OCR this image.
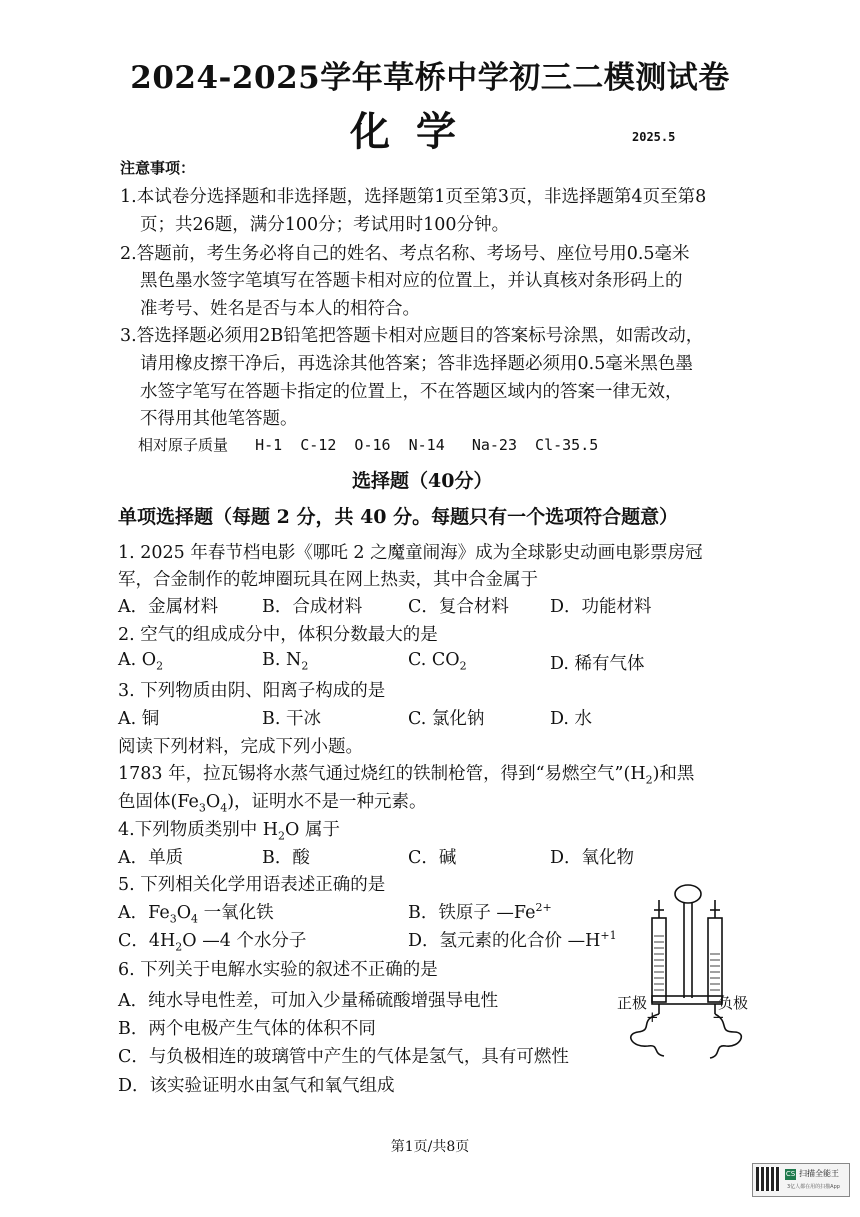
2024-2025学年草桥中学初三二模测试卷
化学	2025.5
注意事项：
1.本试卷分选择题和非选择题，选择题第1页至第3页，非选择题第4页至第8
页；共26题，满分100分；考试用时100分钟。
2.答题前，考生务必将自己的姓名、考点名称、考场号、座位号用0.5毫米
黑色墨水签字笔填写在答题卡相对应的位置上，并认真核对条形码上的
准考号、姓名是否与本人的相符合。
3.答选择题必须用2B铅笔把答题卡相对应题目的答案标号涂黑，如需改动，
请用橡皮擦干净后，再选涂其他答案；答非选择题必须用0.5毫米黑色墨
水签字笔写在答题卡指定的位置上，不在答题区域内的答案一律无效，
不得用其他笔答题。
相对原子质量   H-1  C-12  O-16  N-14   Na-23  Cl-35.5
选择题（40分）
单项选择题（每题 2 分，共 40 分。每题只有一个选项符合题意）
1. 2025 年春节档电影《哪吒 2 之魔童闹海》成为全球影史动画电影票房冠
军，合金制作的乾坤圈玩具在网上热卖，其中合金属于
A．金属材料	B．合成材料	C．复合材料 D．功能材料
2. 空气的组成成分中，体积分数最大的是
A. $O_2$	B. $N_2$	C. $CO_2$	D. 稀有气体
3. 下列物质由阴、阳离子构成的是
A. 铜	B. 干冰	C. 氯化钠	D. 水
阅读下列材料，完成下列小题。
1783 年，拉瓦锡将水蒸气通过烧红的铁制枪管，得到“易燃空气$”(H_2)$和黑
色固体$(Fe_3O_4)$，证明水不是一种元素。
4.下列物质类别中 $H_2O$ 属于
A．单质	B．酸	C．碱	D．氧化物
5. 下列相关化学用语表述正确的是
A．$Fe_3O_4$ 一氧化铁	B．铁原子 $—Fe^{2+}$
C．$4H_2O$ —4 个水分子	D．氢元素的化合价 $—H^{+1}$
6. 下列关于电解水实验的叙述不正确的是
A．纯水导电性差，可加入少量稀硫酸增强导电性
B．两个电极产生气体的体积不同
C．与负极相连的玻璃管中产生的气体是氢气，具有可燃性
D．该实验证明水由氢气和氧气组成
正极	负极
+	−
第1页/共8页
CS 扫描全能王
3亿人都在用的扫描App
